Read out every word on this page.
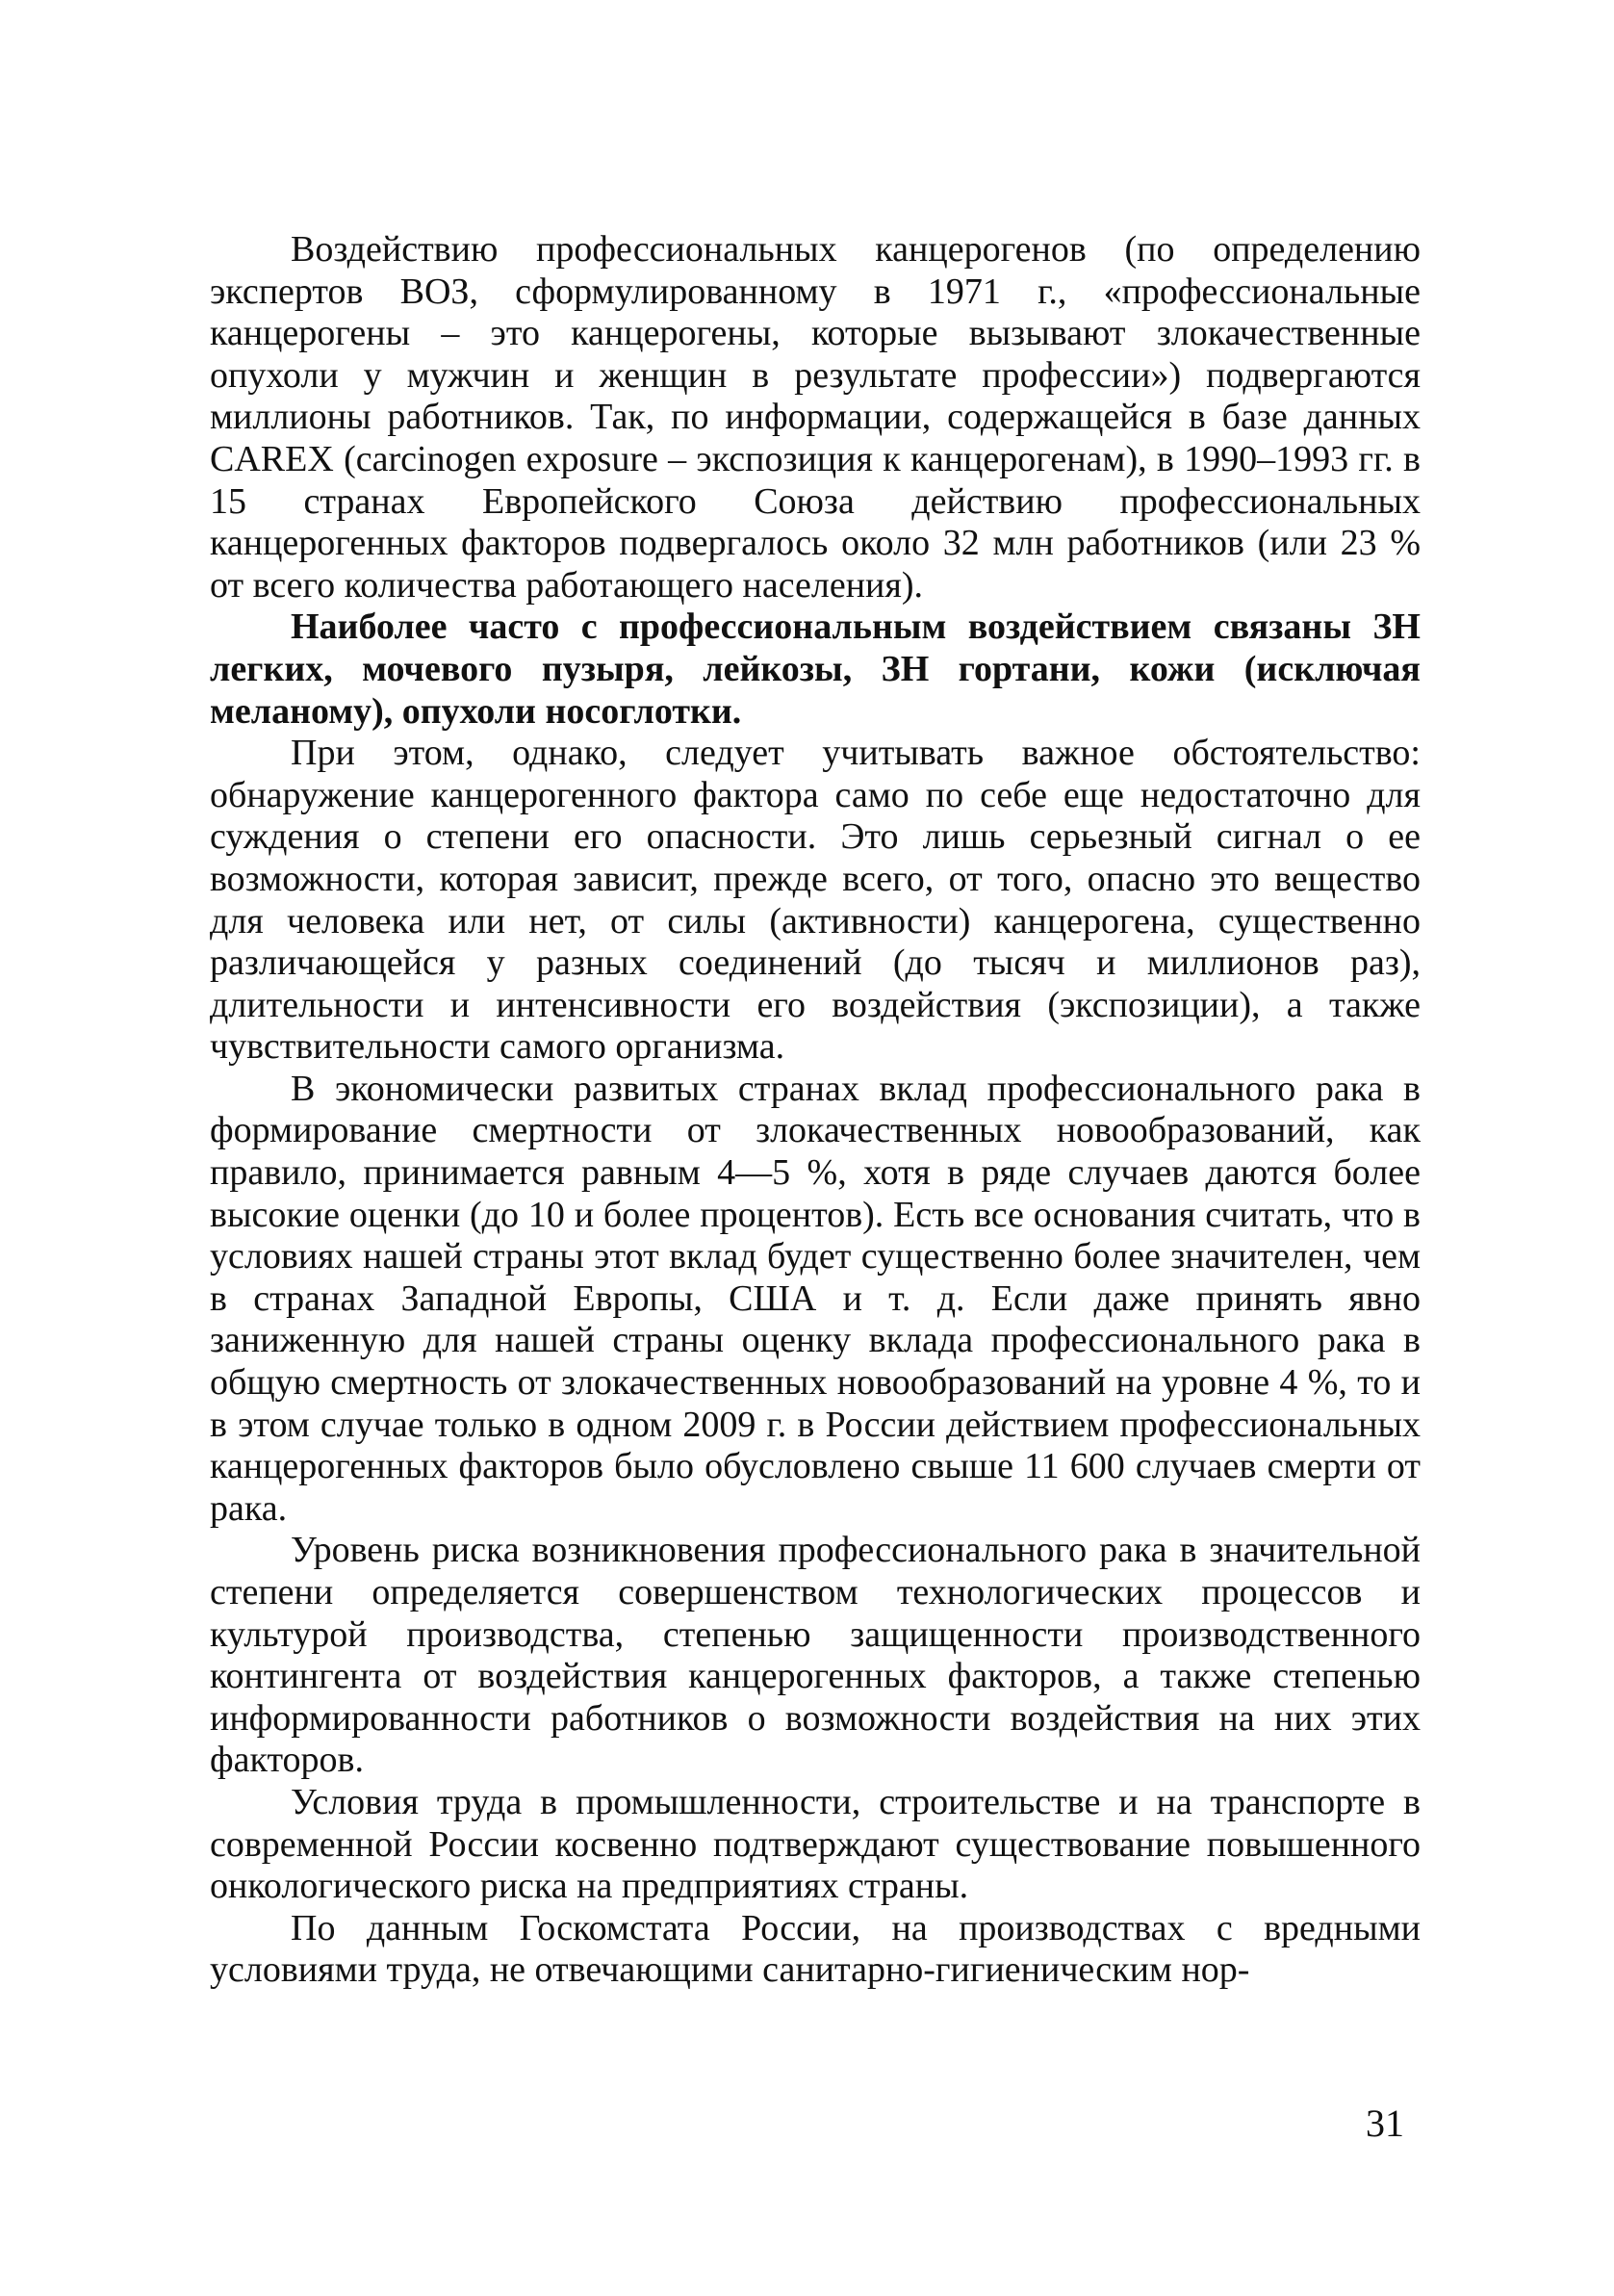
Воздействию профессиональных канцерогенов (по определению экспертов ВОЗ, сформулированному в 1971 г., «профессиональные канцерогены – это канцерогены, которые вызывают злокачественные опухоли у мужчин и женщин в результате профессии») подвергаются миллионы работников. Так, по информации, содержащейся в базе данных CAREX (carcinogen exposure – экспозиция к канцерогенам), в 1990–1993 гг. в 15 странах Европейского Союза действию профессиональных канцерогенных факторов подвергалось около 32 млн работников (или 23 % от всего количества работающего населения).

Наиболее часто с профессиональным воздействием связаны ЗН легких, мочевого пузыря, лейкозы, ЗН гортани, кожи (исключая меланому), опухоли носоглотки.

При этом, однако, следует учитывать важное обстоятельство: обнаружение канцерогенного фактора само по себе еще недостаточно для суждения о степени его опасности. Это лишь серьезный сигнал о ее возможности, которая зависит, прежде всего, от того, опасно это вещество для человека или нет, от силы (активности) канцерогена, существенно различающейся у разных соединений (до тысяч и миллионов раз), длительности и интенсивности его воздействия (экспозиции), а также чувствительности самого организма.

В экономически развитых странах вклад профессионального рака в формирование смертности от злокачественных новообразований, как правило, принимается равным 4—5 %, хотя в ряде случаев даются более высокие оценки (до 10 и более процентов). Есть все основания считать, что в условиях нашей страны этот вклад будет существенно более значителен, чем в странах Западной Европы, США и т. д. Если даже принять явно заниженную для нашей страны оценку вклада профессионального рака в общую смертность от злокачественных новообразований на уровне 4 %, то и в этом случае только в одном 2009 г. в России действием профессиональных канцерогенных факторов было обусловлено свыше 11 600 случаев смерти от рака.

Уровень риска возникновения профессионального рака в значительной степени определяется совершенством технологических процессов и культурой производства, степенью защищенности производственного контингента от воздействия канцерогенных факторов, а также степенью информированности работников о возможности воздействия на них этих факторов.

Условия труда в промышленности, строительстве и на транспорте в современной России косвенно подтверждают существование повышенного онкологического риска на предприятиях страны.

По данным Госкомстата России, на производствах с вредными условиями труда, не отвечающими санитарно-гигиеническим нор-

31
